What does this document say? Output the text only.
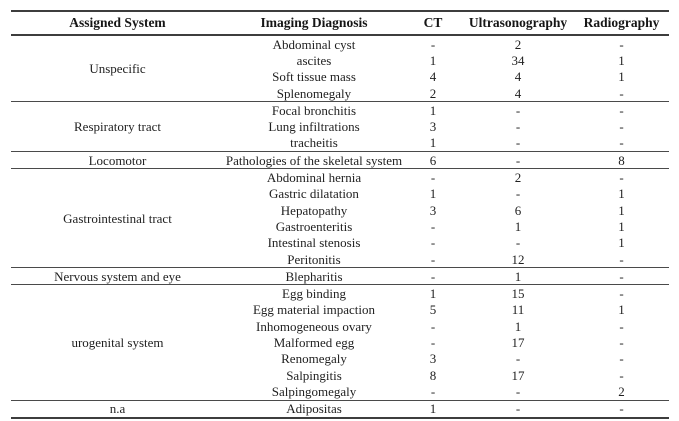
Assigned System	Imaging Diagnosis	CT	Ultrasonography	Radiography
Unspecific	Abdominal cyst	-	2	-
	ascites	1	34	1
	Soft tissue mass	4	4	1
	Splenomegaly	2	4	-
Respiratory tract	Focal bronchitis	1	-	-
	Lung infiltrations	3	-	-
	tracheitis	1	-	-
Locomotor	Pathologies of the skeletal system	6	-	8
Gastrointestinal tract	Abdominal hernia	-	2	-
	Gastric dilatation	1	-	1
	Hepatopathy	3	6	1
	Gastroenteritis	-	1	1
	Intestinal stenosis	-	-	1
	Peritonitis	-	12	-
Nervous system and eye	Blepharitis	-	1	-
urogenital system	Egg binding	1	15	-
	Egg material impaction	5	11	1
	Inhomogeneous ovary	-	1	-
	Malformed egg	-	17	-
	Renomegaly	3	-	-
	Salpingitis	8	17	-
	Salpingomegaly	-	-	2
n.a	Adipositas	1	-	-
